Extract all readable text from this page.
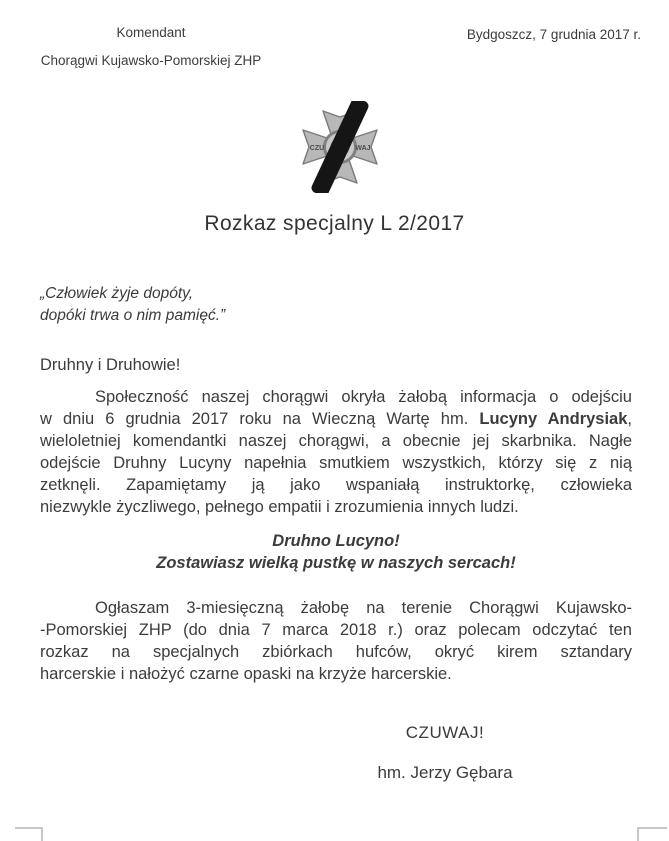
Komendant
Chorągwi Kujawsko-Pomorskiej ZHP
Bydgoszcz, 7 grudnia 2017 r.
CZU	WAJ
Rozkaz specjalny L 2/2017
„Człowiek żyje dopóty,
dopóki trwa o nim pamięć.”
Druhny i Druhowie!
Społeczność naszej chorągwi okryła żałobą informacja o odejściu
w dniu 6 grudnia 2017 roku na Wieczną Wartę hm. Lucyny Andrysiak,
wieloletniej komendantki naszej chorągwi, a obecnie jej skarbnika. Nagłe
odejście Druhny Lucyny napełnia smutkiem wszystkich, którzy się z nią
zetknęli. Zapamiętamy ją jako wspaniałą instruktorkę, człowieka
niezwykle życzliwego, pełnego empatii i zrozumienia innych ludzi.
Druhno Lucyno!
Zostawiasz wielką pustkę w naszych sercach!
Ogłaszam 3-miesięczną żałobę na terenie Chorągwi Kujawsko-
-Pomorskiej ZHP (do dnia 7 marca 2018 r.) oraz polecam odczytać ten
rozkaz na specjalnych zbiórkach hufców, okryć kirem sztandary
harcerskie i nałożyć czarne opaski na krzyże harcerskie.
CZUWAJ!
hm. Jerzy Gębara
